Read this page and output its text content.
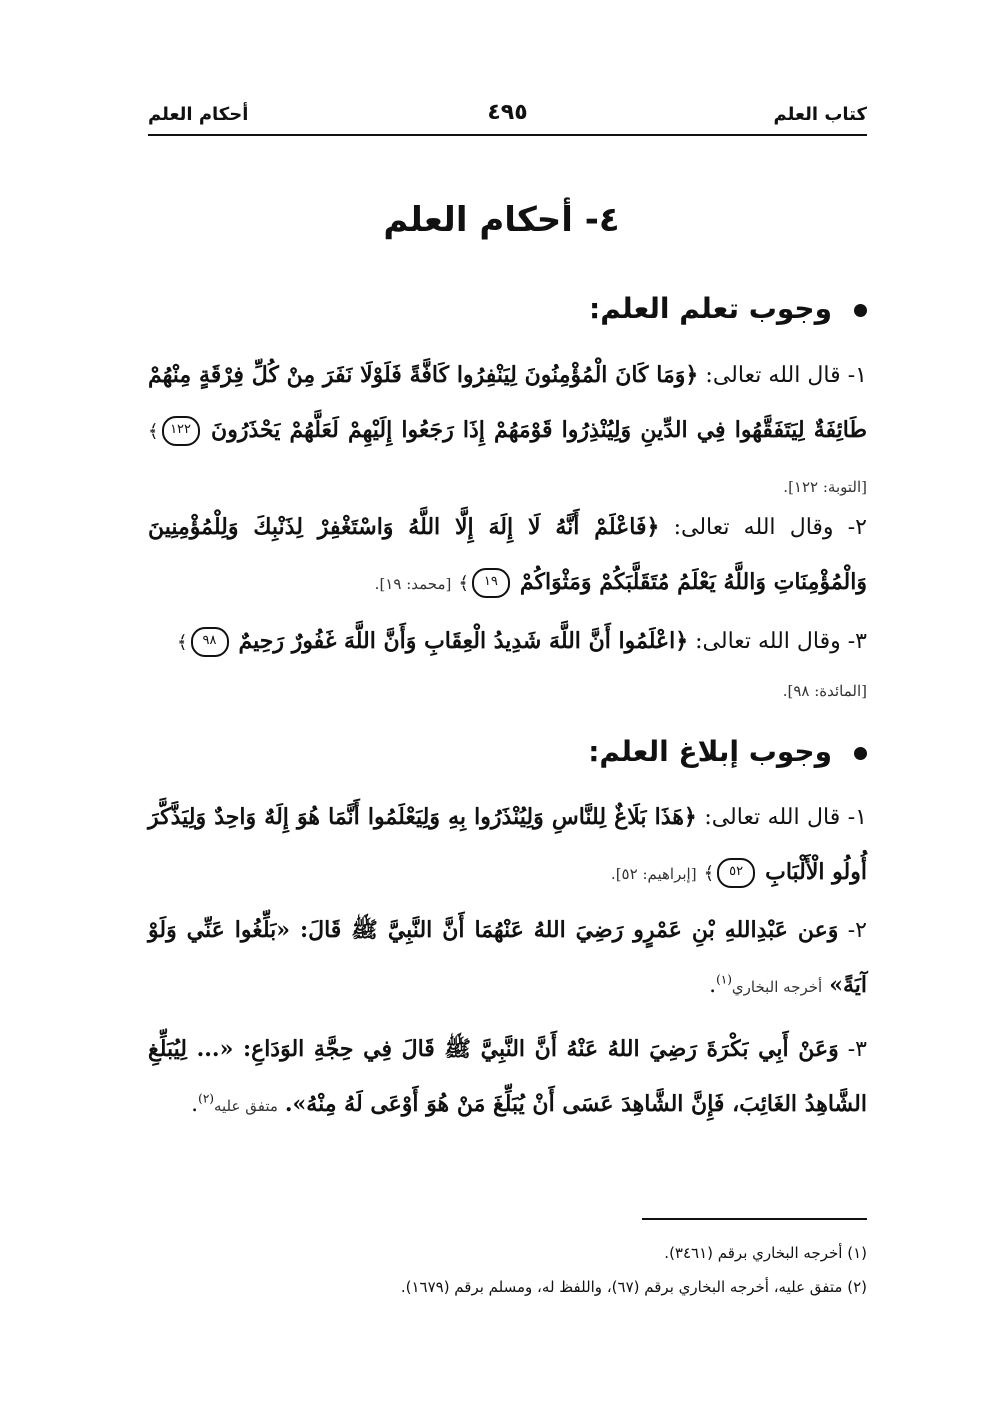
كتاب العلم
٤٩٥
أحكام العلم
٤- أحكام العلم
وجوب تعلم العلم:
١- قال الله تعالى: ﴿وَمَا كَانَ الْمُؤْمِنُونَ لِيَنْفِرُوا كَافَّةً فَلَوْلَا نَفَرَ مِنْ كُلِّ فِرْقَةٍ مِنْهُمْ طَائِفَةٌ لِيَتَفَقَّهُوا فِي الدِّينِ وَلِيُنْذِرُوا قَوْمَهُمْ إِذَا رَجَعُوا إِلَيْهِمْ لَعَلَّهُمْ يَحْذَرُونَ ١٢٢﴾ [التوبة: ١٢٢].
٢- وقال الله تعالى: ﴿فَاعْلَمْ أَنَّهُ لَا إِلَهَ إِلَّا اللَّهُ وَاسْتَغْفِرْ لِذَنْبِكَ وَلِلْمُؤْمِنِينَ وَالْمُؤْمِنَاتِ وَاللَّهُ يَعْلَمُ مُتَقَلَّبَكُمْ وَمَثْوَاكُمْ ١٩﴾ [محمد: ١٩].
٣- وقال الله تعالى: ﴿اعْلَمُوا أَنَّ اللَّهَ شَدِيدُ الْعِقَابِ وَأَنَّ اللَّهَ غَفُورٌ رَحِيمٌ ٩٨﴾
[المائدة: ٩٨].
وجوب إبلاغ العلم:
١- قال الله تعالى: ﴿هَذَا بَلَاغٌ لِلنَّاسِ وَلِيُنْذَرُوا بِهِ وَلِيَعْلَمُوا أَنَّمَا هُوَ إِلَهٌ وَاحِدٌ وَلِيَذَّكَّرَ أُولُو الْأَلْبَابِ ٥٢﴾ [إبراهيم: ٥٢].
٢- وَعن عَبْدِاللهِ بْنِ عَمْرٍو رَضِيَ اللهُ عَنْهُمَا أَنَّ النَّبِيَّ ﷺ قَالَ: «بَلِّغُوا عَنِّي وَلَوْ آيَةً» أخرجه البخاري$^{(١)}$.
٣- وَعَنْ أَبِي بَكْرَةَ رَضِيَ اللهُ عَنْهُ أَنَّ النَّبِيَّ ﷺ قَالَ فِي حِجَّةِ الوَدَاعِ: «... لِيُبَلِّغِ الشَّاهِدُ الغَائِبَ، فَإِنَّ الشَّاهِدَ عَسَى أَنْ يُبَلِّغَ مَنْ هُوَ أَوْعَى لَهُ مِنْهُ». متفق عليه$^{(٢)}$.
(١) أخرجه البخاري برقم (٣٤٦١).
(٢) متفق عليه، أخرجه البخاري برقم (٦٧)، واللفظ له، ومسلم برقم (١٦٧٩).
